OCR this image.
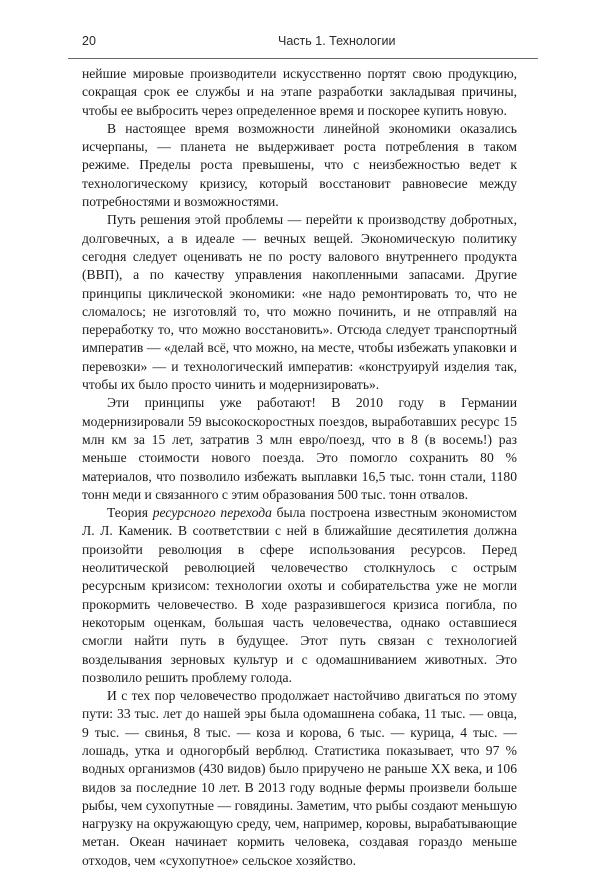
20	Часть 1. Технологии

нейшие мировые производители искусственно портят свою продукцию, сокращая срок ее службы и на этапе разработки закладывая причины, чтобы ее выбросить через определенное время и поскорее купить новую.

В настоящее время возможности линейной экономики оказались исчерпаны, — планета не выдерживает роста потребления в таком режиме. Пределы роста превышены, что с неизбежностью ведет к технологическому кризису, который восстановит равновесие между потребностями и возможностями.

Путь решения этой проблемы — перейти к производству добротных, долговечных, а в идеале — вечных вещей. Экономическую политику сегодня следует оценивать не по росту валового внутреннего продукта (ВВП), а по качеству управления накопленными запасами. Другие принципы циклической экономики: «не надо ремонтировать то, что не сломалось; не изготовляй то, что можно починить, и не отправляй на переработку то, что можно восстановить». Отсюда следует транспортный императив — «делай всё, что можно, на месте, чтобы избежать упаковки и перевозки» — и технологический императив: «конструируй изделия так, чтобы их было просто чинить и модернизировать».

Эти принципы уже работают! В 2010 году в Германии модернизировали 59 высокоскоростных поездов, выработавших ресурс 15 млн км за 15 лет, затратив 3 млн евро/поезд, что в 8 (в восемь!) раз меньше стоимости нового поезда. Это помогло сохранить 80 % материалов, что позволило избежать выплавки 16,5 тыс. тонн стали, 1180 тонн меди и связанного с этим образования 500 тыс. тонн отвалов.

Теория ресурсного перехода была построена известным экономистом Л. Л. Каменик. В соответствии с ней в ближайшие десятилетия должна произойти революция в сфере использования ресурсов. Перед неолитической революцией человечество столкнулось с острым ресурсным кризисом: технологии охоты и собирательства уже не могли прокормить человечество. В ходе разразившегося кризиса погибла, по некоторым оценкам, большая часть человечества, однако оставшиеся смогли найти путь в будущее. Этот путь связан с технологией возделывания зерновых культур и с одомашниванием животных. Это позволило решить проблему голода.

И с тех пор человечество продолжает настойчиво двигаться по этому пути: 33 тыс. лет до нашей эры была одомашнена собака, 11 тыс. — овца, 9 тыс. — свинья, 8 тыс. — коза и корова, 6 тыс. — курица, 4 тыс. — лошадь, утка и одногорбый верблюд. Статистика показывает, что 97 % водных организмов (430 видов) было приручено не раньше XX века, и 106 видов за последние 10 лет. В 2013 году водные фермы произвели больше рыбы, чем сухопутные — говядины. Заметим, что рыбы создают меньшую нагрузку на окружающую среду, чем, например, коровы, вырабатывающие метан. Океан начинает кормить человека, создавая гораздо меньше отходов, чем «сухопутное» сельское хозяйство.
